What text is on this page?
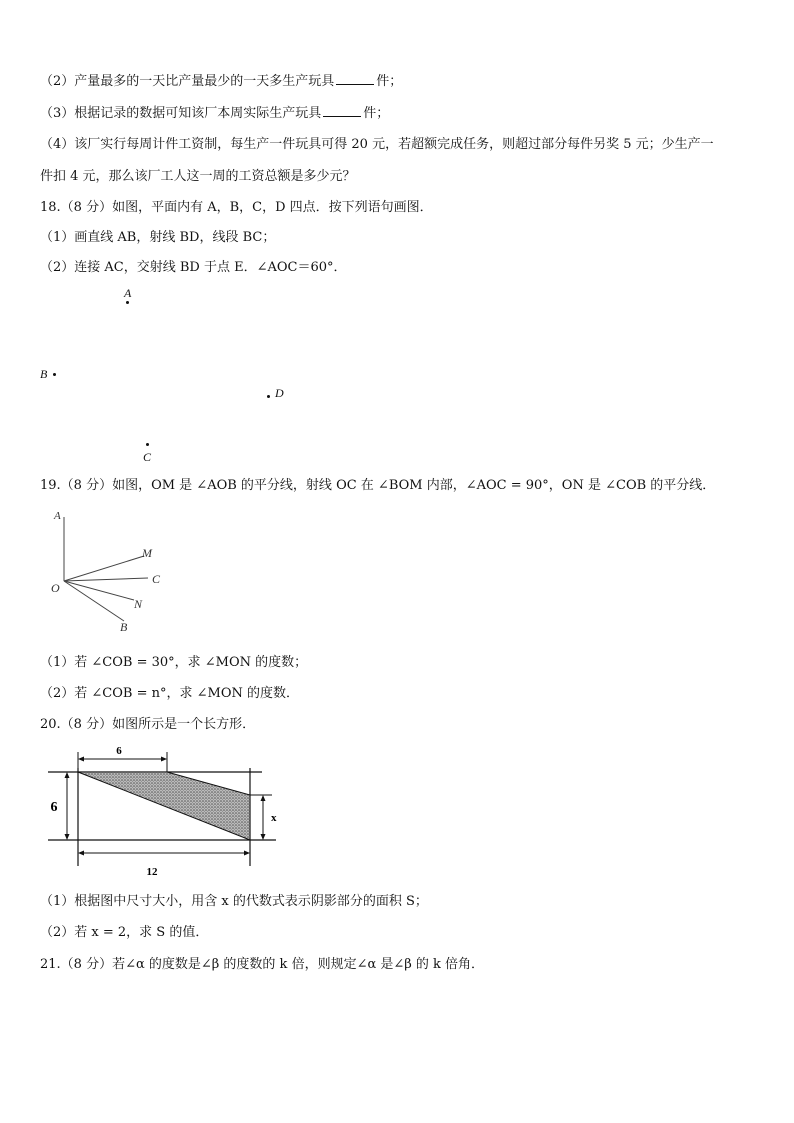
（2）产量最多的一天比产量最少的一天多生产玩具	件；
（3）根据记录的数据可知该厂本周实际生产玩具	件；
（4）该厂实行每周计件工资制，每生产一件玩具可得 20 元，若超额完成任务，则超过部分每件另奖 5 元；少生产一
件扣 4 元，那么该厂工人这一周的工资总额是多少元？
18.（8 分）如图，平面内有 A，B，C，D 四点．按下列语句画图．
（1）画直线 AB，射线 BD，线段 BC；
（2）连接 AC，交射线 BD 于点 E．∠AOC＝60°．
A
B
D
C
19.（8 分）如图，OM 是 ∠AOB 的平分线，射线 OC 在 ∠BOM 内部，∠AOC = 90°，ON 是 ∠COB 的平分线．
A
O
M
C
N
B
（1）若 ∠COB = 30°，求 ∠MON 的度数；
（2）若 ∠COB = n°，求 ∠MON 的度数．
20.（8 分）如图所示是一个长方形．
6
6
x
12
（1）根据图中尺寸大小，用含 x 的代数式表示阴影部分的面积 S；
（2）若 x = 2，求 S 的值．
21.（8 分）若∠α 的度数是∠β 的度数的 k 倍，则规定∠α 是∠β 的 k 倍角．
